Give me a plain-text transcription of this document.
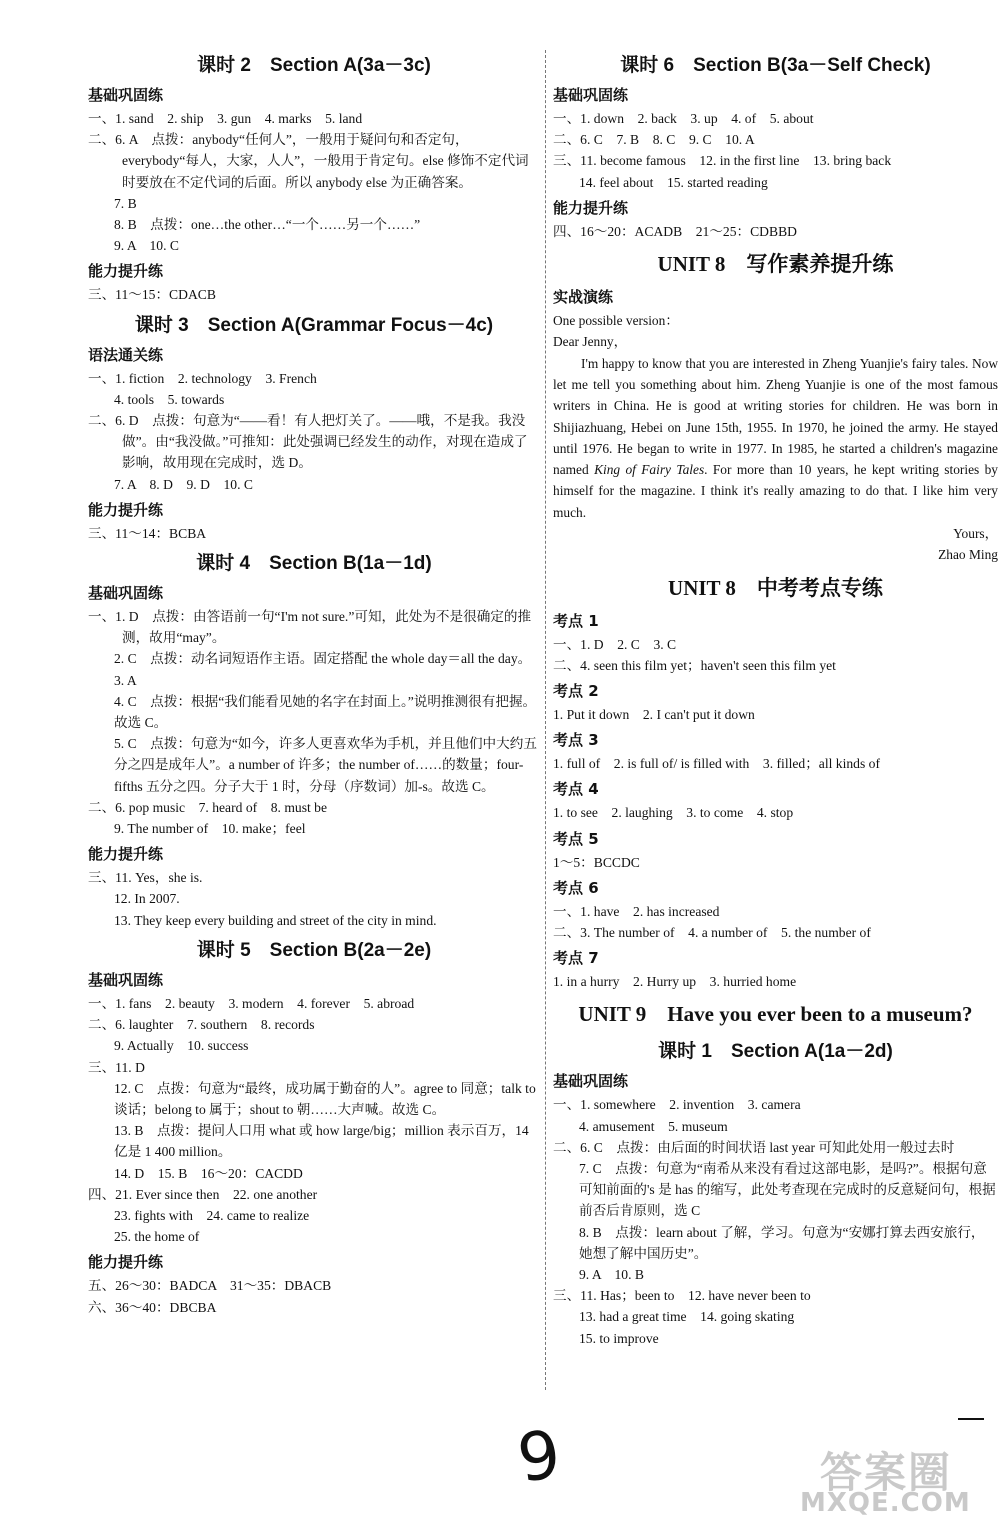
课时 2　Section A(3a－3c)
基础巩固练

一、1. sand　2. ship　3. gun　4. marks　5. land

二、6. A　点拨：anybody“任何人”，一般用于疑问句和否定句，everybody“每人，大家，人人”，一般用于肯定句。else 修饰不定代词时要放在不定代词的后面。所以 anybody else 为正确答案。

7. B

8. B　点拨：one…the other…“一个……另一个……”

9. A　10. C

能力提升练

三、11～15：CDACB

课时 3　Section A(Grammar Focus－4c)
语法通关练

一、1. fiction　2. technology　3. French

4. tools　5. towards

二、6. D　点拨：句意为“——看！有人把灯关了。——哦，不是我。我没做”。由“我没做。”可推知：此处强调已经发生的动作，对现在造成了影响，故用现在完成时，选 D。

7. A　8. D　9. D　10. C

能力提升练

三、11～14：BCBA

课时 4　Section B(1a－1d)
基础巩固练

一、1. D　点拨：由答语前一句“I'm not sure.”可知，此处为不是很确定的推测，故用“may”。

2. C　点拨：动名词短语作主语。固定搭配 the whole day＝all the day。

3. A

4. C　点拨：根据“我们能看见她的名字在封面上。”说明推测很有把握。故选 C。

5. C　点拨：句意为“如今，许多人更喜欢华为手机，并且他们中大约五分之四是成年人”。a number of 许多；the number of……的数量；four-fifths 五分之四。分子大于 1 时，分母（序数词）加-s。故选 C。

二、6. pop music　7. heard of　8. must be

9. The number of　10. make；feel

能力提升练

三、11. Yes，she is.

12. In 2007.

13. They keep every building and street of the city in mind.

课时 5　Section B(2a－2e)
基础巩固练

一、1. fans　2. beauty　3. modern　4. forever　5. abroad

二、6. laughter　7. southern　8. records

9. Actually　10. success

三、11. D

12. C　点拨：句意为“最终，成功属于勤奋的人”。agree to 同意；talk to 谈话；belong to 属于；shout to 朝……大声喊。故选 C。

13. B　点拨：提问人口用 what 或 how large/big；million 表示百万，14 亿是 1 400 million。

14. D　15. B　16～20：CACDD

四、21. Ever since then　22. one another

23. fights with　24. came to realize

25. the home of

能力提升练

五、26～30：BADCA　31～35：DBACB

六、36～40：DBCBA

课时 6　Section B(3a－Self Check)
基础巩固练

一、1. down　2. back　3. up　4. of　5. about

二、6. C　7. B　8. C　9. C　10. A

三、11. become famous　12. in the first line　13. bring back

14. feel about　15. started reading

能力提升练

四、16～20：ACADB　21～25：CDBBD

UNIT 8　写作素养提升练
实战演练

One possible version：

Dear Jenny，

I'm happy to know that you are interested in Zheng Yuanjie's fairy tales. Now let me tell you something about him. Zheng Yuanjie is one of the most famous writers in China. He is good at writing stories for children. He was born in Shijiazhuang, Hebei on June 15th, 1955. In 1970, he joined the army. He stayed until 1976. He began to write in 1977. In 1985, he started a children's magazine named King of Fairy Tales. For more than 10 years, he kept writing stories by himself for the magazine. I think it's really amazing to do that. I like him very much.

Yours，

Zhao Ming

UNIT 8　中考考点专练
考点 1

一、1. D　2. C　3. C

二、4. seen this film yet；haven't seen this film yet

考点 2

1. Put it down　2. I can't put it down

考点 3

1. full of　2. is full of/ is filled with　3. filled；all kinds of

考点 4

1. to see　2. laughing　3. to come　4. stop

考点 5

1～5：BCCDC

考点 6

一、1. have　2. has increased

二、3. The number of　4. a number of　5. the number of

考点 7

1. in a hurry　2. Hurry up　3. hurried home

UNIT 9　Have you ever been to a museum?
课时 1　Section A(1a－2d)
基础巩固练

一、1. somewhere　2. invention　3. camera

4. amusement　5. museum

二、6. C　点拨：由后面的时间状语 last year 可知此处用一般过去时

7. C　点拨：句意为“南希从来没有看过这部电影，是吗?”。根据句意可知前面的's 是 has 的缩写，此处考查现在完成时的反意疑问句，根据前否后肯原则，选 C

8. B　点拨：learn about 了解，学习。句意为“安娜打算去西安旅行，她想了解中国历史”。

9. A　10. B

三、11. Has；been to　12. have never been to

13. had a great time　14. going skating

15. to improve

9	答案圈
MXQE.COM
